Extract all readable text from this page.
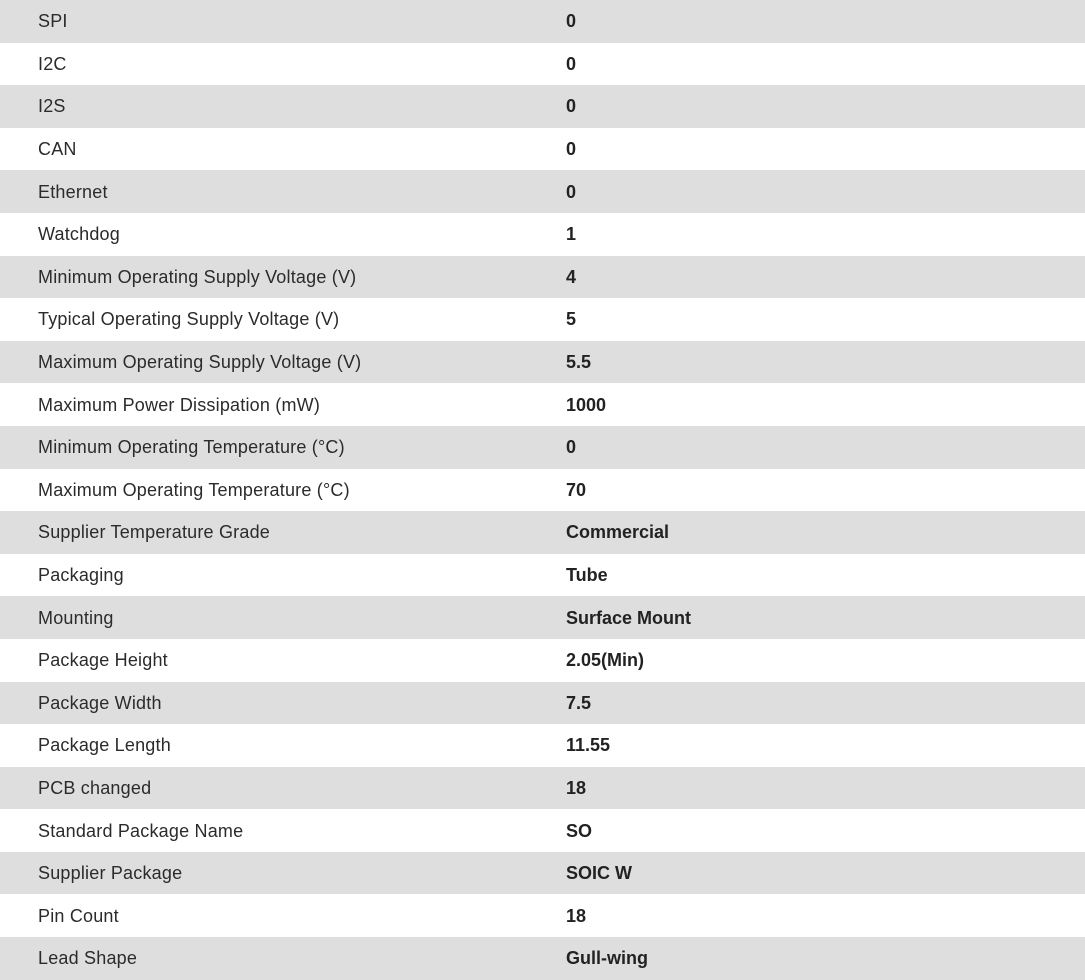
SPI	0
I2C	0
I2S	0
CAN	0
Ethernet	0
Watchdog	1
Minimum Operating Supply Voltage (V)	4
Typical Operating Supply Voltage (V)	5
Maximum Operating Supply Voltage (V)	5.5
Maximum Power Dissipation (mW)	1000
Minimum Operating Temperature (°C)	0
Maximum Operating Temperature (°C)	70
Supplier Temperature Grade	Commercial
Packaging	Tube
Mounting	Surface Mount
Package Height	2.05(Min)
Package Width	7.5
Package Length	11.55
PCB changed	18
Standard Package Name	SO
Supplier Package	SOIC W
Pin Count	18
Lead Shape	Gull-wing
